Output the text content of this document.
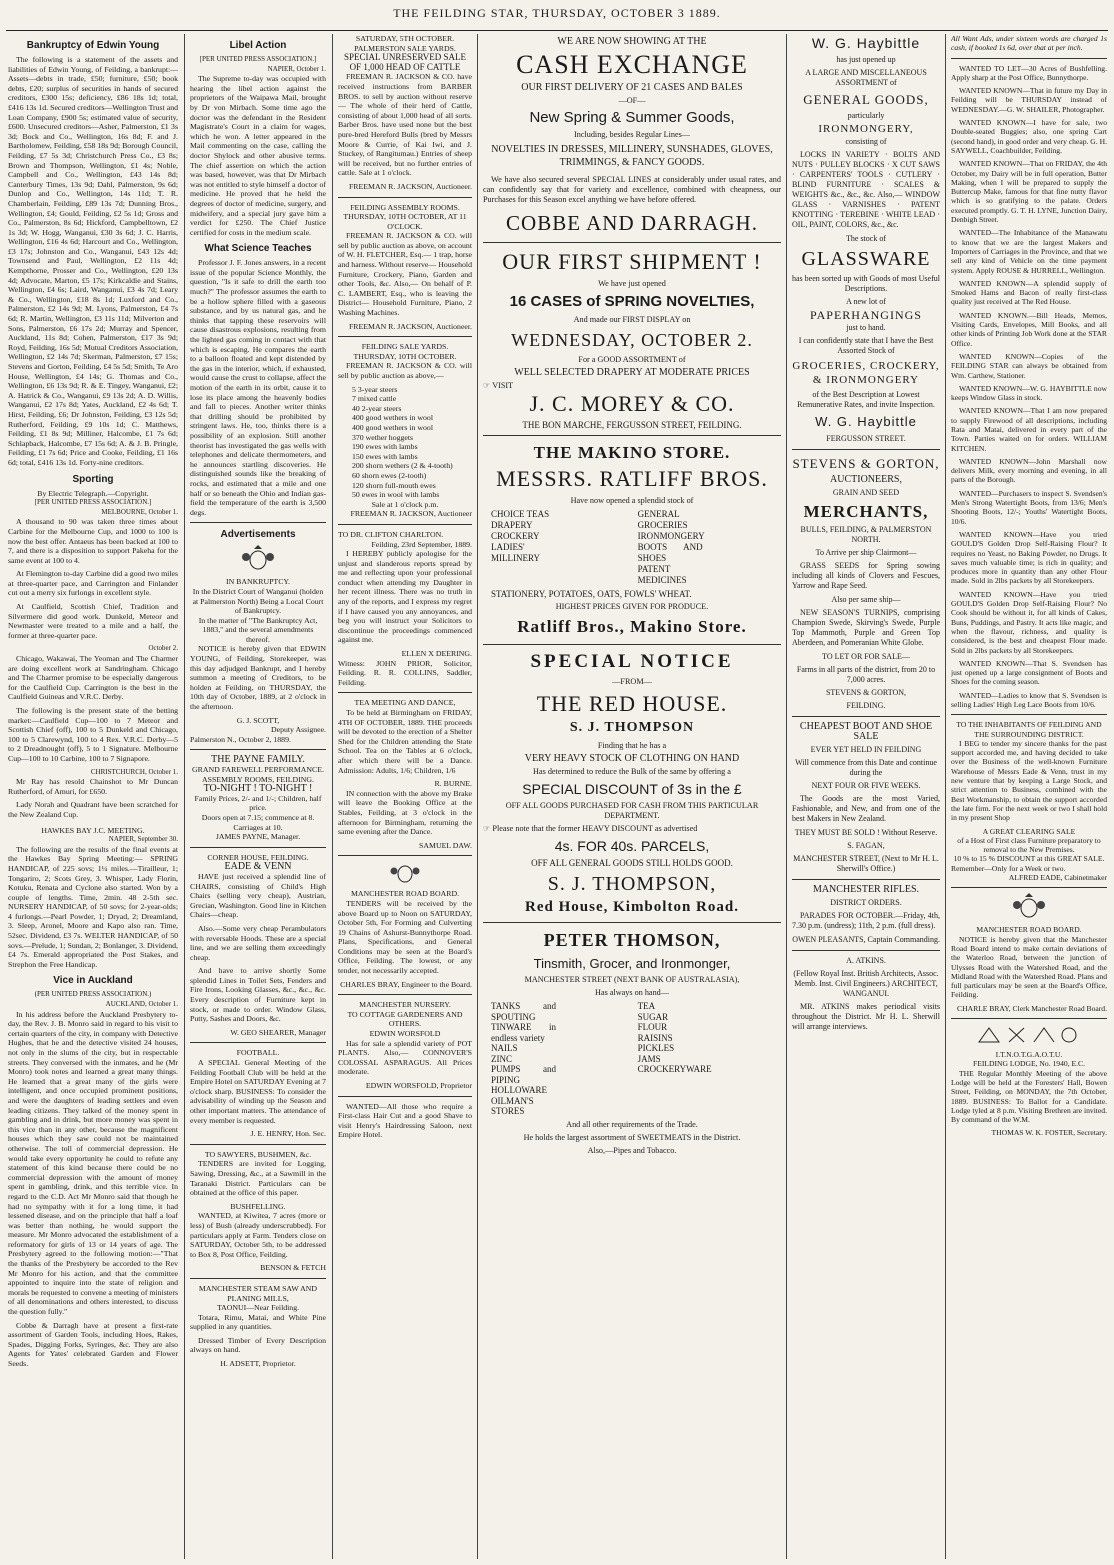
THE FEILDING STAR, THURSDAY, OCTOBER 3 1889.
Bankruptcy of Edwin Young

The following is a statement of the assets and liabilities of Edwin Young, of Feilding, a bankrupt:—Assets—debts in trade, £50; furniture, £50; book debts, £20; surplus of securities in hands of secured creditors, £300 15s; deficiency, £86 18s 1d; total, £416 13s 1d. Secured creditors—Wellington Trust and Loan Company, £900 5s; estimated value of security, £600. Unsecured creditors—Asher, Palmerston, £1 3s 3d; Bock and Co., Wellington, 16s 8d; F. and J. Bartholomew, Feilding, £58 18s 9d; Borough Council, Feilding, £7 5s 3d; Christchurch Press Co., £3 8s; Brown and Thompson, Wellington, £1 4s; Noble, Campbell and Co., Wellington, £43 14s 8d; Canterbury Times, 13s 9d; Dahl, Palmerston, 9s 6d; Dunlop and Co., Wellington, 14s 11d; T. R. Chamberlain, Feilding, £89 13s 7d; Dunning Bros., Wellington, £4; Gould, Feilding, £2 5s 1d; Gross and Co., Palmerston, 8s 6d; Hickford, Campbelltown, £2 1s 3d; W. Hogg, Wanganui, £30 3s 6d; J. C. Harris, Wellington, £16 4s 6d; Harcourt and Co., Wellington, £3 17s; Johnston and Co., Wanganui, £43 12s 4d; Townsend and Paul, Wellington, £2 11s 4d; Kempthorne, Prosser and Co., Wellington, £20 13s 4d; Advocate, Marton, £5 17s; Kirkcaldie and Stains, Wellington, £4 6s; Laird, Wanganui, £3 4s 7d; Leary & Co., Wellington, £18 8s 1d; Luxford and Co., Palmerston, £2 14s 9d; M. Lyons, Palmerston, £4 7s 6d; R. Martin, Wellington, £3 11s 11d; Milverton and Sons, Palmerston, £6 17s 2d; Murray and Spencer, Auckland, 11s 8d; Cohen, Palmerston, £17 3s 9d; Royd, Feilding, 16s 5d; Mutual Creditors Association, Wellington, £2 14s 7d; Skerman, Palmerston, £7 15s; Stevens and Gorton, Feilding, £4 5s 5d; Smith, Te Aro House, Wellington, £4 14s; G. Thomas and Co., Wellington, £6 13s 9d; R. & E. Tingey, Wanganui, £2; A. Hatrick & Co., Wanganui, £9 13s 2d; A. D. Willis, Wanganui, £2 17s 8d; Yates, Auckland, £2 4s 6d; T. Hirst, Feilding, £6; Dr Johnston, Feilding, £3 12s 5d; Rutherford, Feilding, £9 10s 1d; C. Matthews, Feilding, £1 8s 9d; Milliner, Halcombe, £1 7s 6d; Schlapback, Halcombe, £7 15s 6d; A. & J. B. Pringle, Feilding, £1 7s 6d; Price and Cooke, Feilding, £1 16s 6d; total, £416 13s 1d. Forty-nine creditors.

Sporting
By Electric Telegraph.—Copyright.
[PER UNITED PRESS ASSOCIATION.]
MELBOURNE, October 1.

A thousand to 90 was taken three times about Carbine for the Melbourne Cup, and 1000 to 100 is now the best offer. Antaeus has been backed at 100 to 7, and there is a disposition to support Pakeha for the same event at 100 to 4.

At Flemington to-day Carbine did a good two miles at three-quarter pace, and Carrington and Finlander cut out a merry six furlongs in excellent style.

At Caulfield, Scottish Chief, Tradition and Silvermere did good work. Dunkeld, Meteor and Newmaster were treated to a mile and a half, the former at three-quarter pace.

October 2.

Chicago, Wakawai, The Yeoman and The Charmer are doing excellent work at Sandringham. Chicago and The Charmer promise to be especially dangerous for the Caulfield Cup. Carrington is the best in the Caulfield Guineas and V.R.C. Derby.

The following is the present state of the betting market:—Caulfield Cup—100 to 7 Meteor and Scottish Chief (off), 100 to 5 Dunkeld and Chicago, 100 to 5 Clarewynd, 100 to 4 Rex. V.R.C. Derby—5 to 2 Dreadnought (off), 5 to 1 Signature. Melbourne Cup—100 to 10 Carbine, 100 to 7 Signapore.

CHRISTCHURCH, October 1.

Mr Ray has resold Chainshot to Mr Duncan Rutherford, of Amuri, for £650.

Lady Norah and Quadrant have been scratched for the New Zealand Cup.

HAWKES BAY J.C. MEETING.
NAPIER, September 30.

The following are the results of the final events at the Hawkes Bay Spring Meeting:— SPRING HANDICAP, of 225 sovs; 1¼ miles.—Tirailleur, 1; Tongariro, 2; Scots Grey, 3. Whisper, Lady Florin, Kotuku, Renata and Cyclone also started. Won by a couple of lengths. Time, 2min. 48 2-5th sec. NURSERY HANDICAP, of 50 sovs; for 2-year-olds; 4 furlongs.—Pearl Powder, 1; Dryad, 2; Dreamland, 3. Sleep, Aronel, Moore and Kapo also ran. Time, 52sec. Dividend, £3 7s. WELTER HANDICAP, of 50 sovs.—Prelude, 1; Sundan, 2; Bonlanger, 3. Dividend, £4 7s. Emerald appropriated the Post Stakes, and Strephon the Free Handicap.

Vice in Auckland
(PER UNITED PRESS ASSOCIATION.)
AUCKLAND, October 1.

In his address before the Auckland Presbytery to-day, the Rev. J. B. Monro said in regard to his visit to certain quarters of the city, in company with Detective Hughes, that he and the detective visited 24 houses, not only in the slums of the city, but in respectable streets. They conversed with the inmates, and he (Mr Monro) took notes and learned a great many things. He learned that a great many of the girls were intelligent, and once occupied prominent positions, and were the daughters of leading settlers and even leading citizens. They talked of the money spent in gambling and in drink, but more money was spent in this vice than in any other, because the magnificent houses which they saw could not be maintained otherwise. The toll of commercial depression. He would take every opportunity he could to refute any statement of this kind because there could be no commercial depression with the amount of money spent in gambling, drink, and this terrible vice. In regard to the C.D. Act Mr Monro said that though he had no sympathy with it for a long time, it had lessened disease, and on the principle that half a loaf was better than nothing, he would support the measure. Mr Monro advocated the establishment of a reformatory for girls of 13 or 14 years of age. The Presbytery agreed to the following motion:—"That the thanks of the Presbytery be accorded to the Rev Mr Monro for his action, and that the committee appointed to inquire into the state of religion and morals be requested to convene a meeting of ministers of all denominations and others interested, to discuss the question fully."

Cobbe & Darragh have at present a first-rate assortment of Garden Tools, including Hoes, Rakes, Spades, Digging Forks, Syringes, &c. They are also Agents for Yates' celebrated Garden and Flower Seeds.

Libel Action
[PER UNITED PRESS ASSOCIATION.]
NAPIER, October 1.

The Supreme to-day was occupied with hearing the libel action against the proprietors of the Waipawa Mail, brought by Dr von Mirbach. Some time ago the doctor was the defendant in the Resident Magistrate's Court in a claim for wages, which he won. A letter appeared in the Mail commenting on the case, calling the doctor Shylock and other abusive terms. The chief assertion on which the action was based, however, was that Dr Mirbach was not entitled to style himself a doctor of medicine. He proved that he held the degrees of doctor of medicine, surgery, and midwifery, and a special jury gave him a verdict for £250. The Chief Justice certified for costs in the medium scale.

What Science Teaches

Professor J. F. Jones answers, in a recent issue of the popular Science Monthly, the question, "Is it safe to drill the earth too much?" The professor assumes the earth to be a hollow sphere filled with a gaseous substance, and by us natural gas, and he thinks that tapping these reservoirs will cause disastrous explosions, resulting from the lighted gas coming in contact with that which is escaping. He compares the earth to a balloon floated and kept distended by the gas in the interior, which, if exhausted, would cause the crust to collapse, affect the motion of the earth in its orbit, cause it to lose its place among the heavenly bodies and fall to pieces. Another writer thinks that drilling should be prohibited by stringent laws. He, too, thinks there is a possibility of an explosion. Still another theorist has investigated the gas wells with telephones and delicate thermometers, and he announces startling discoveries. He distinguished sounds like the breaking of rocks, and estimated that a mile and one half or so beneath the Ohio and Indian gas-field the temperature of the earth is 3,500 degs.

Advertisements
IN BANKRUPTCY.
In the District Court of Wanganui (holden at Palmerston North) Being a Local Court of Bankruptcy.
In the matter of "The Bankruptcy Act, 1883," and the several amendments thereof.

NOTICE is hereby given that EDWIN YOUNG, of Feilding, Storekeeper, was this day adjudged Bankrupt, and I hereby summon a meeting of Creditors, to be holden at Feilding, on THURSDAY, the 10th day of October, 1889, at 2 o'clock in the afternoon.

G. J. SCOTT,
Deputy Assignee.
Palmerston N., October 2, 1889.
THE PAYNE FAMILY.
GRAND FAREWELL PERFORMANCE.
ASSEMBLY ROOMS, FEILDING.
TO-NIGHT ! TO-NIGHT !
Family Prices, 2/- and 1/-; Children, half price.
Doors open at 7.15; commence at 8. Carriages at 10.
JAMES PAYNE, Manager.
CORNER HOUSE, FEILDING.
EADE & VENN

HAVE just received a splendid line of CHAIRS, consisting of Child's High Chairs (selling very cheap), Austrian, Grecian, Washington. Good line in Kitchen Chairs—cheap.

Also.—Some very cheap Perambulators with reversable Hoods. These are a special line, and we are selling them exceedingly cheap.

And have to arrive shortly Some splendid Lines in Toilet Sets, Fenders and Fire Irons, Looking Glasses, &c., &c., &c. Every description of Furniture kept in stock, or made to order. Window Glass, Putty, Sashes and Doors, &c.

W. GEO SHEARER, Manager
FOOTBALL.

A SPECIAL General Meeting of the Feilding Football Club will be held at the Empire Hotel on SATURDAY Evening at 7 o'clock sharp. BUSINESS: To consider the advisability of winding up the Season and other important matters. The attendance of every member is requested.

J. E. HENRY, Hon. Sec.
TO SAWYERS, BUSHMEN, &c.

TENDERS are invited for Logging, Sawing, Dressing, &c., at a Sawmill in the Taranaki District. Particulars can be obtained at the office of this paper.

BUSHFELLING.

WANTED, at Kiwitea, 7 acres (more or less) of Bush (already underscrubbed). For particulars apply at Farm. Tenders close on SATURDAY, October 5th, to be addressed to Box 8, Post Office, Feilding.

BENSON & FETCH
MANCHESTER STEAM SAW AND PLANING MILLS,
TAONUI—Near Feilding.

Totara, Rimu, Matai, and White Pine supplied in any quantities.

Dressed Timber of Every Description always on hand.

H. ADSETT, Proprietor.
SATURDAY, 5TH OCTOBER.
PALMERSTON SALE YARDS.
SPECIAL UNRESERVED SALE OF 1,000 HEAD OF CATTLE

FREEMAN R. JACKSON & CO. have received instructions from BARBER BROS. to sell by auction without reserve— The whole of their herd of Cattle, consisting of about 1,000 head of all sorts. Barber Bros. have used none but the best pure-bred Hereford Bulls (bred by Messrs Moore & Currie, of Kai Iwi, and J. Stuckey, of Rangitumau.) Entries of sheep will be received, but no further entries of cattle. Sale at 1 o'clock.

FREEMAN R. JACKSON, Auctioneer.
FEILDING ASSEMBLY ROOMS.
THURSDAY, 10TH OCTOBER, AT 11 O'CLOCK.

FREEMAN R. JACKSON & CO. will sell by public auction as above, on account of W. H. FLETCHER, Esq.— 1 trap, horse and harness. Without reserve— Household Furniture, Crockery, Piano, Garden and other Tools, &c. Also,— On behalf of P. C. LAMBERT, Esq., who is leaving the District— Household Furniture, Piano, 2 Washing Machines.

FREEMAN R. JACKSON, Auctioneer.
FEILDING SALE YARDS.
THURSDAY, 10TH OCTOBER.

FREEMAN R. JACKSON & CO. will sell by public auction as above,—

5 3-year steers
7 mixed cattle
40 2-year steers
400 good wethers in wool
400 good wethers in wool
370 wether hoggets
190 ewes with lambs
150 ewes with lambs
200 shorn wethers (2 & 4-tooth)
60 shorn ewes (2-tooth)
120 shorn full-mouth ewes
50 ewes in wool with lambs
Sale at 1 o'clock p.m.
FREEMAN R. JACKSON, Auctioneer
TO DR. CLIFTON CHARLTON.
Feilding, 23rd September, 1889.

I HEREBY publicly apologise for the unjust and slanderous reports spread by me and reflecting upon your professional conduct when attending my Daughter in her recent illness. There was no truth in any of the reports, and I express my regret if I have caused you any annoyances, and beg you will instruct your Solicitors to discontinue the proceedings commenced against me.

ELLEN X DEERING.
Witness: JOHN PRIOR, Solicitor, Feilding. R. R. COLLINS, Saddler, Feilding.
TEA MEETING AND DANCE,

To be held at Birmingham on FRIDAY, 4TH OF OCTOBER, 1889. THE proceeds will be devoted to the erection of a Shelter Shed for the Children attending the State School. Tea on the Tables at 6 o'clock, after which there will be a Dance. Admission: Adults, 1/6; Children, 1/6

R. BURNE.

IN connection with the above my Brake will leave the Booking Office at the Stables, Feilding, at 3 o'clock in the afternoon for Birmingham, returning the same evening after the Dance.

SAMUEL DAW.
MANCHESTER ROAD BOARD.

TENDERS will be received by the above Board up to Noon on SATURDAY, October 5th, For Forming and Culverting 19 Chains of Ashurst-Bunnythorpe Road. Plans, Specifications, and General Conditions may be seen at the Board's Office, Feilding. The lowest, or any tender, not necessarily accepted.

CHARLES BRAY, Engineer to the Board.
MANCHESTER NURSERY.
TO COTTAGE GARDENERS AND OTHERS.
EDWIN WORSFOLD

Has for sale a splendid variety of POT PLANTS. Also,— CONNOVER'S COLOSSAL ASPARAGUS. All Prices moderate.

EDWIN WORSFOLD, Proprietor

WANTED—All those who require a First-class Hair Cut and a good Shave to visit Henry's Hairdressing Saloon, next Empire Hotel.

WE ARE NOW SHOWING AT THE
CASH EXCHANGE
OUR FIRST DELIVERY OF 21 CASES AND BALES
—OF—
New Spring & Summer Goods,
Including, besides Regular Lines—
NOVELTIES IN DRESSES, MILLINERY, SUNSHADES, GLOVES, TRIMMINGS, & FANCY GOODS.

We have also secured several SPECIAL LINES at considerably under usual rates, and can confidently say that for variety and excellence, combined with cheapness, our Purchases for this Season excel anything we have before offered.

COBBE AND DARRAGH.
OUR FIRST SHIPMENT !
We have just opened
16 CASES of SPRING NOVELTIES,
And made our FIRST DISPLAY on
WEDNESDAY, OCTOBER 2.
For a GOOD ASSORTMENT of
WELL SELECTED DRAPERY AT MODERATE PRICES
☞ VISIT
J. C. MOREY & CO.
THE BON MARCHE, FERGUSSON STREET, FEILDING.
THE MAKINO STORE.
MESSRS. RATLIFF BROS.
Have now opened a splendid stock of
CHOICE TEAS
DRAPERY
CROCKERY
LADIES' MILLINERY
GENERAL GROCERIES
IRONMONGERY
BOOTS AND SHOES
PATENT MEDICINES
STATIONERY, POTATOES, OATS, FOWLS' WHEAT.
HIGHEST PRICES GIVEN FOR PRODUCE.
Ratliff Bros., Makino Store.
SPECIAL NOTICE
—FROM—
THE RED HOUSE.
S. J. THOMPSON
Finding that he has a
VERY HEAVY STOCK OF CLOTHING ON HAND
Has determined to reduce the Bulk of the same by offering a
SPECIAL DISCOUNT of 3s in the £
OFF ALL GOODS PURCHASED FOR CASH FROM THIS PARTICULAR DEPARTMENT.
☞ Please note that the former HEAVY DISCOUNT as advertised
4s. FOR 40s. PARCELS,
OFF ALL GENERAL GOODS STILL HOLDS GOOD.
S. J. THOMPSON,
Red House, Kimbolton Road.
PETER THOMSON,
Tinsmith, Grocer, and Ironmonger,
MANCHESTER STREET (NEXT BANK OF AUSTRALASIA),
Has always on hand—
TANKS and SPOUTING
TINWARE in endless variety
NAILS
ZINC
PUMPS and PIPING
HOLLOWARE
OILMAN'S STORES
TEA
SUGAR
FLOUR
RAISINS
PICKLES
JAMS
CROCKERYWARE
And all other requirements of the Trade.
He holds the largest assortment of SWEETMEATS in the District.
Also,—Pipes and Tobacco.
W. G. Haybittle
has just opened up
A LARGE AND MISCELLANEOUS ASSORTMENT of
GENERAL GOODS,
particularly
IRONMONGERY,
consisting of

LOCKS IN VARIETY · BOLTS AND NUTS · PULLEY BLOCKS · X CUT SAWS · CARPENTERS' TOOLS · CUTLERY · BLIND FURNITURE · SCALES & WEIGHTS &c., &c., &c. Also,— WINDOW GLASS · VARNISHES · PATENT KNOTTING · TEREBINE · WHITE LEAD · OIL, PAINT, COLORS, &c., &c.

The stock of
GLASSWARE
has been sorted up with Goods of most Useful Descriptions.
A new lot of
PAPERHANGINGS
just to hand.
I can confidently state that I have the Best Assorted Stock of
GROCERIES, CROCKERY, & IRONMONGERY
of the Best Description at Lowest Remunerative Rates, and invite Inspection.
W. G. Haybittle
FERGUSSON STREET.
STEVENS & GORTON,
AUCTIONEERS,
GRAIN AND SEED
MERCHANTS,
BULLS, FEILDING, & PALMERSTON NORTH.
To Arrive per ship Clairmont—

GRASS SEEDS for Spring sowing including all kinds of Clovers and Fescues, Yarrow and Rape Seed.

Also per same ship—

NEW SEASON'S TURNIPS, comprising Champion Swede, Skirving's Swede, Purple Top Mammoth, Purple and Green Top Aberdeen, and Pomeranian White Globe.

TO LET OR FOR SALE—
Farms in all parts of the district, from 20 to 7,000 acres.
STEVENS & GORTON,
FEILDING.
CHEAPEST BOOT AND SHOE SALE
EVER YET HELD IN FEILDING
Will commence from this Date and continue during the
NEXT FOUR OR FIVE WEEKS.

The Goods are the most Varied, Fashionable, and New, and from one of the best Makers in New Zealand.

THEY MUST BE SOLD ! Without Reserve.
S. FAGAN,
MANCHESTER STREET, (Next to Mr H. L. Sherwill's Office.)
MANCHESTER RIFLES.
DISTRICT ORDERS.

PARADES FOR OCTOBER.—Friday, 4th, 7.30 p.m. (undress); 11th, 2 p.m. (full dress).

OWEN PLEASANTS, Captain Commanding.
A. ATKINS.
(Fellow Royal Inst. British Architects, Assoc. Memb. Inst. Civil Engineers.) ARCHITECT, WANGANUI.

MR. ATKINS makes periodical visits throughout the District. Mr H. L. Sherwill will arrange interviews.

All Want Ads, under sixteen words are charged 1s cash, if booked 1s 6d, over that at per inch.

WANTED TO LET—30 Acres of Bushfelling. Apply sharp at the Post Office, Bunnythorpe.

WANTED KNOWN—That in future my Day in Feilding will be THURSDAY instead of WEDNESDAY.—G. W. SHAILER, Photographer.

WANTED KNOWN—I have for sale, two Double-seated Buggies; also, one spring Cart (second hand), in good order and very cheap. G. H. SAYWELL, Coachbuilder, Feilding.

WANTED KNOWN—That on FRIDAY, the 4th October, my Dairy will be in full operation, Butter Making, when I will be prepared to supply the Buttercup Make, famous for that fine nutty flavor which is so gratifying to the palate. Orders executed promptly. G. T. H. LYNE, Junction Dairy, Denbigh Street.

WANTED—The Inhabitance of the Manawatu to know that we are the largest Makers and Importers of Carriages in the Province, and that we sell any kind of Vehicle on the time payment system. Apply ROUSE & HURRELL, Wellington.

WANTED KNOWN—A splendid supply of Smoked Hams and Bacon of really first-class quality just received at The Red House.

WANTED KNOWN.—Bill Heads, Memos, Visiting Cards, Envelopes, Mill Books, and all other kinds of Printing Job Work done at the STAR Office.

WANTED KNOWN—Copies of the FEILDING STAR can always be obtained from Wm. Carthew, Stationer.

WANTED KNOWN—W. G. HAYBITTLE now keeps Window Glass in stock.

WANTED KNOWN—That I am now prepared to supply Firewood of all descriptions, including Rata and Matai, delivered in every part of the Town. Parties waited on for orders. WILLIAM KITCHEN.

WANTED KNOWN—John Marshall now delivers Milk, every morning and evening, in all parts of the Borough.

WANTED—Purchasers to inspect S. Svendsen's Men's Strong Watertight Boots, from 13/6; Men's Shooting Boots, 12/-; Youths' Watertight Boots, 10/6.

WANTED KNOWN—Have you tried GOULD'S Golden Drop Self-Raising Flour? It requires no Yeast, no Baking Powder, no Drugs. It saves much valuable time; is rich in quality; and produces more in quantity than any other Flour made. Sold in 2lbs packets by all Storekeepers.

WANTED KNOWN—Have you tried GOULD'S Golden Drop Self-Raising Flour? No Cook should be without it, for all kinds of Cakes, Buns, Puddings, and Pastry. It acts like magic, and when the flavour, richness, and quality is considered, is the best and cheapest Flour made. Sold in 2lbs packets by all Storekeepers.

WANTED KNOWN—That S. Svendsen has just opened up a large consignment of Boots and Shoes for the coming season.

WANTED—Ladies to know that S. Svendsen is selling Ladies' High Leg Lace Boots from 10/6.

TO THE INHABITANTS OF FEILDING AND THE SURROUNDING DISTRICT.

I BEG to tender my sincere thanks for the past support accorded me, and having decided to take over the Business of the well-known Furniture Warehouse of Messrs Eade & Venn, trust in my new venture that by keeping a Large Stock, and strict attention to Business, combined with the Best Workmanship, to obtain the support accorded the late firm. For the next week or two I shall hold in my present Shop

A GREAT CLEARING SALE
of a Host of First class Furniture preparatory to removal to the New Premises.
10 % to 15 % DISCOUNT at this GREAT SALE.
Remember—Only for a Week or two.
ALFRED EADE, Cabinetmaker
MANCHESTER ROAD BOARD.

NOTICE is hereby given that the Manchester Road Board intend to make certain deviations of the Waterloo Road, between the junction of Ulysses Road with the Watershed Road, and the Midland Road with the Watershed Road. Plans and full particulars may be seen at the Board's Office, Feilding.

CHARLE BRAY, Clerk Manchester Road Board.
I.T.N.O.T.G.A.O.T.U.
FEILDING LODGE, No. 1940, E.C.

THE Regular Monthly Meeting of the above Lodge will be held at the Foresters' Hall, Bowen Street, Feilding, on MONDAY, the 7th October, 1889. BUSINESS: To Ballot for a Candidate. Lodge tyled at 8 p.m. Visiting Brethren are invited. By command of the W.M.

THOMAS W. K. FOSTER, Secretary.
